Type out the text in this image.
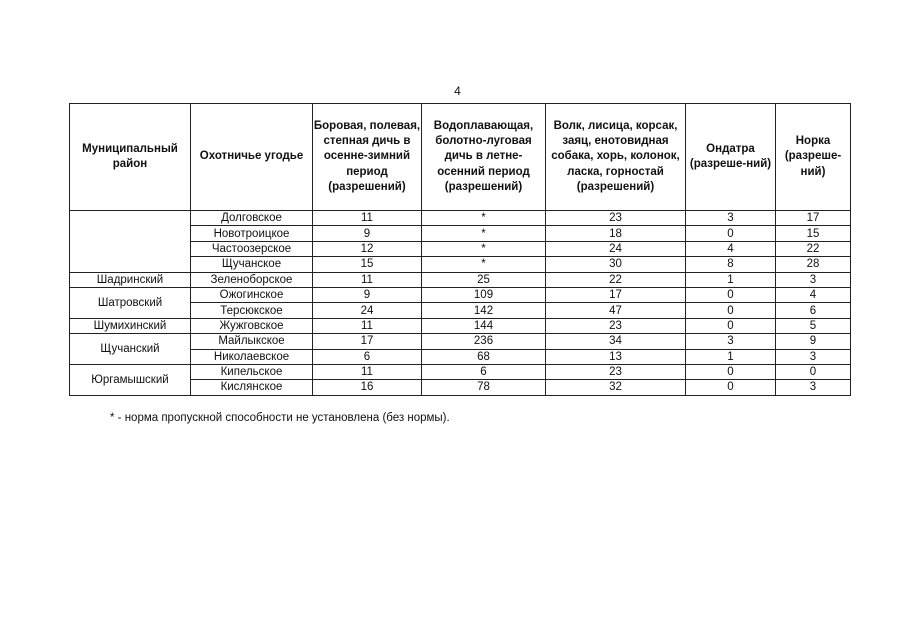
4
Муниципальный район	Охотничье угодье	Боровая, полевая, степная дичь в осенне-зимний период (разрешений)	Водоплавающая, болотно-луговая дичь в летне-осенний период (разрешений)	Волк, лисица, корсак, заяц, енотовидная собака, хорь, колонок, ласка, горностай (разрешений)	Ондатра (разреше-ний)	Норка (разреше-ний)
	Долговское	11	*	23	3	17
	Новотроицкое	9	*	18	0	15
	Частоозерское	12	*	24	4	22
	Щучанское	15	*	30	8	28
Шадринский	Зеленоборское	11	25	22	1	3
Шатровский	Ожогинское	9	109	17	0	4
	Терсюкское	24	142	47	0	6
Шумихинский	Жужговское	11	144	23	0	5
Щучанский	Майлыкское	17	236	34	3	9
	Николаевское	6	68	13	1	3
Юргамышский	Кипельское	11	6	23	0	0
	Кислянское	16	78	32	0	3
* - норма пропускной способности не установлена (без нормы).
